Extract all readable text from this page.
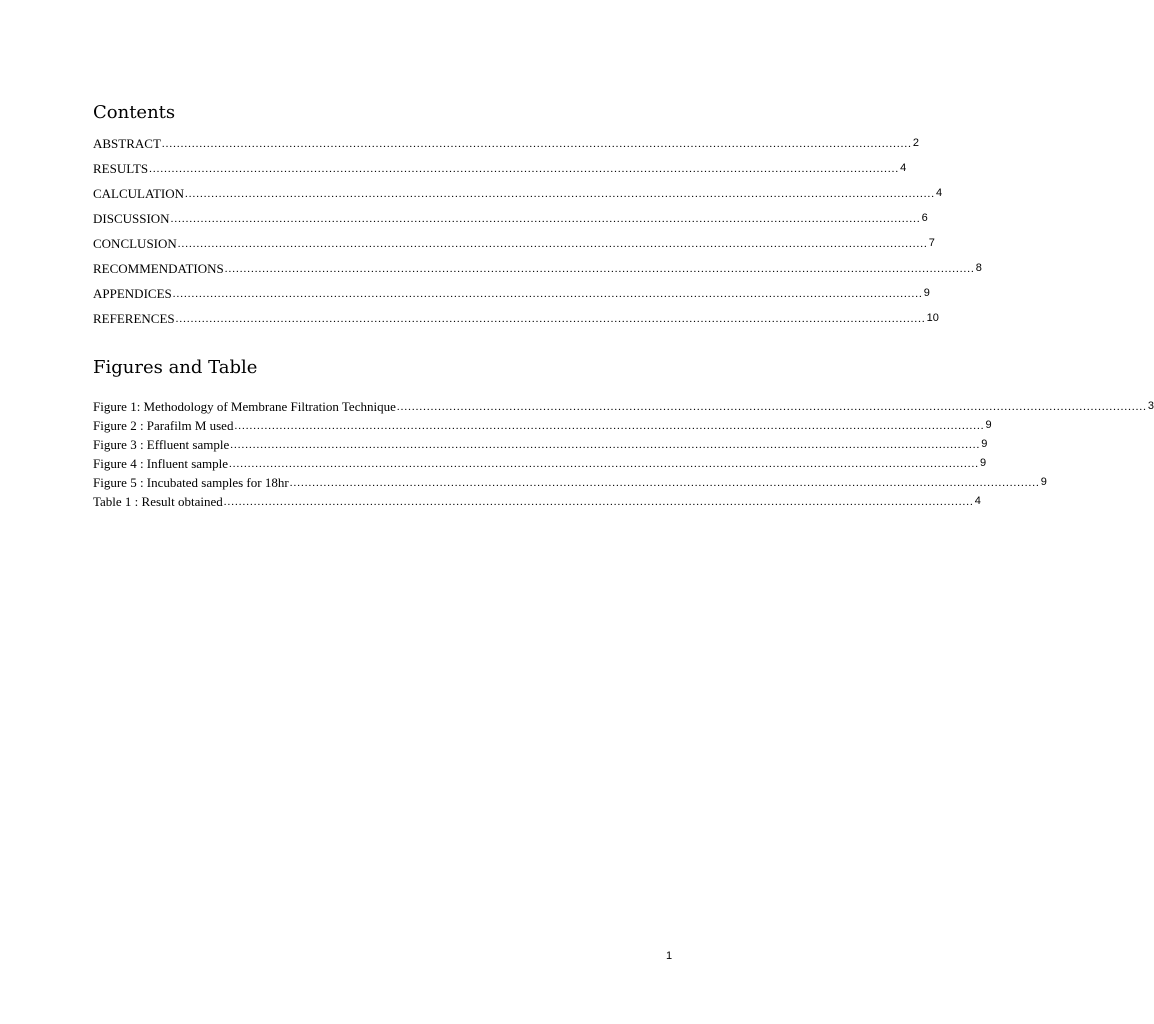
Contents
ABSTRACT ........................................................................................................................................................................................................ 2
RESULTS ........................................................................................................................................................................................................ 4
CALCULATION ........................................................................................................................................................................................................ 4
DISCUSSION ........................................................................................................................................................................................................ 6
CONCLUSION ........................................................................................................................................................................................................ 7
RECOMMENDATIONS ........................................................................................................................................................................................................ 8
APPENDICES ........................................................................................................................................................................................................ 9
REFERENCES ........................................................................................................................................................................................................ 10
Figures and Table
Figure 1: Methodology of Membrane Filtration Technique ........................................................................................................................................................................................................ 3
Figure 2 : Parafilm M used ........................................................................................................................................................................................................ 9
Figure 3 : Effluent sample ........................................................................................................................................................................................................ 9
Figure 4 : Influent sample ........................................................................................................................................................................................................ 9
Figure 5 : Incubated samples for 18hr ........................................................................................................................................................................................................ 9
Table 1 : Result obtained ........................................................................................................................................................................................................ 4
1
